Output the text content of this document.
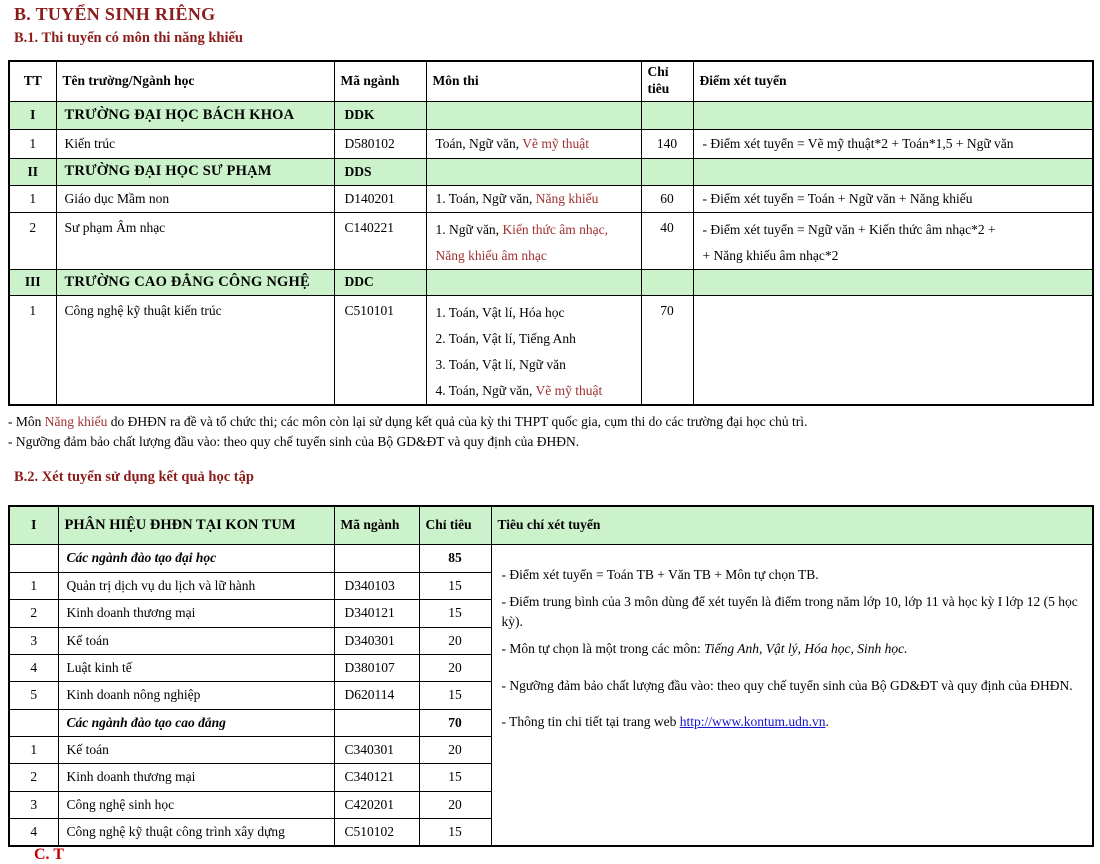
B. TUYỂN SINH RIÊNG
B.1. Thi tuyển có môn thi năng khiếu
TT	Tên trường/Ngành học	Mã ngành	Môn thi	Chỉ tiêu	Điểm xét tuyển
I	TRƯỜNG ĐẠI HỌC BÁCH KHOA	DDK			
1	Kiến trúc	D580102	Toán, Ngữ văn, Vẽ mỹ thuật	140	- Điểm xét tuyển = Vẽ mỹ thuật*2 + Toán*1,5 + Ngữ văn
II	TRƯỜNG ĐẠI HỌC SƯ PHẠM	DDS			
1	Giáo dục Mầm non	D140201	1. Toán, Ngữ văn, Năng khiếu	60	- Điểm xét tuyển = Toán + Ngữ văn + Năng khiếu
2	Sư phạm Âm nhạc	C140221	1. Ngữ văn, Kiến thức âm nhạc,
Năng khiếu âm nhạc
	40	- Điểm xét tuyển = Ngữ văn + Kiến thức âm nhạc*2 +
+ Năng khiếu âm nhạc*2

III	TRƯỜNG CAO ĐẲNG CÔNG NGHỆ	DDC			
1	Công nghệ kỹ thuật kiến trúc	C510101	1. Toán, Vật lí, Hóa học
2. Toán, Vật lí, Tiếng Anh
3. Toán, Vật lí, Ngữ văn
4. Toán, Ngữ văn, Vẽ mỹ thuật	70	
- Môn Năng khiếu do ĐHĐN ra đề và tổ chức thi; các môn còn lại sử dụng kết quả của kỳ thi THPT quốc gia, cụm thi do các trường đại học chủ trì.
- Ngưỡng đảm bảo chất lượng đầu vào: theo quy chế tuyển sinh của Bộ GD&ĐT và quy định của ĐHĐN.
B.2. Xét tuyển sử dụng kết quả học tập
I	PHÂN HIỆU ĐHĐN TẠI KON TUM	Mã ngành	Chỉ tiêu	Tiêu chí xét tuyển
	Các ngành đào tạo đại học		85	- Điểm xét tuyển = Toán TB + Văn TB + Môn tự chọn TB.

- Điểm trung bình của 3 môn dùng để xét tuyển là điểm trong năm lớp 10, lớp 11 và học kỳ I lớp 12 (5 học kỳ).

- Môn tự chọn là một trong các môn: Tiếng Anh, Vật lý, Hóa học, Sinh học.

- Ngưỡng đảm bảo chất lượng đầu vào: theo quy chế tuyển sinh của Bộ GD&ĐT và quy định của ĐHĐN.

- Thông tin chi tiết tại trang web http://www.kontum.udn.vn.

1	Quản trị dịch vụ du lịch và lữ hành	D340103	15	
2	Kinh doanh thương mại	D340121	15	
3	Kế toán	D340301	20	
4	Luật kinh tế	D380107	20	
5	Kinh doanh nông nghiệp	D620114	15	
	Các ngành đào tạo cao đẳng		70	
1	Kế toán	C340301	20	
2	Kinh doanh thương mại	C340121	15	
3	Công nghệ sinh học	C420201	20	
4	Công nghệ kỹ thuật công trình xây dựng	C510102	15	
C. T
